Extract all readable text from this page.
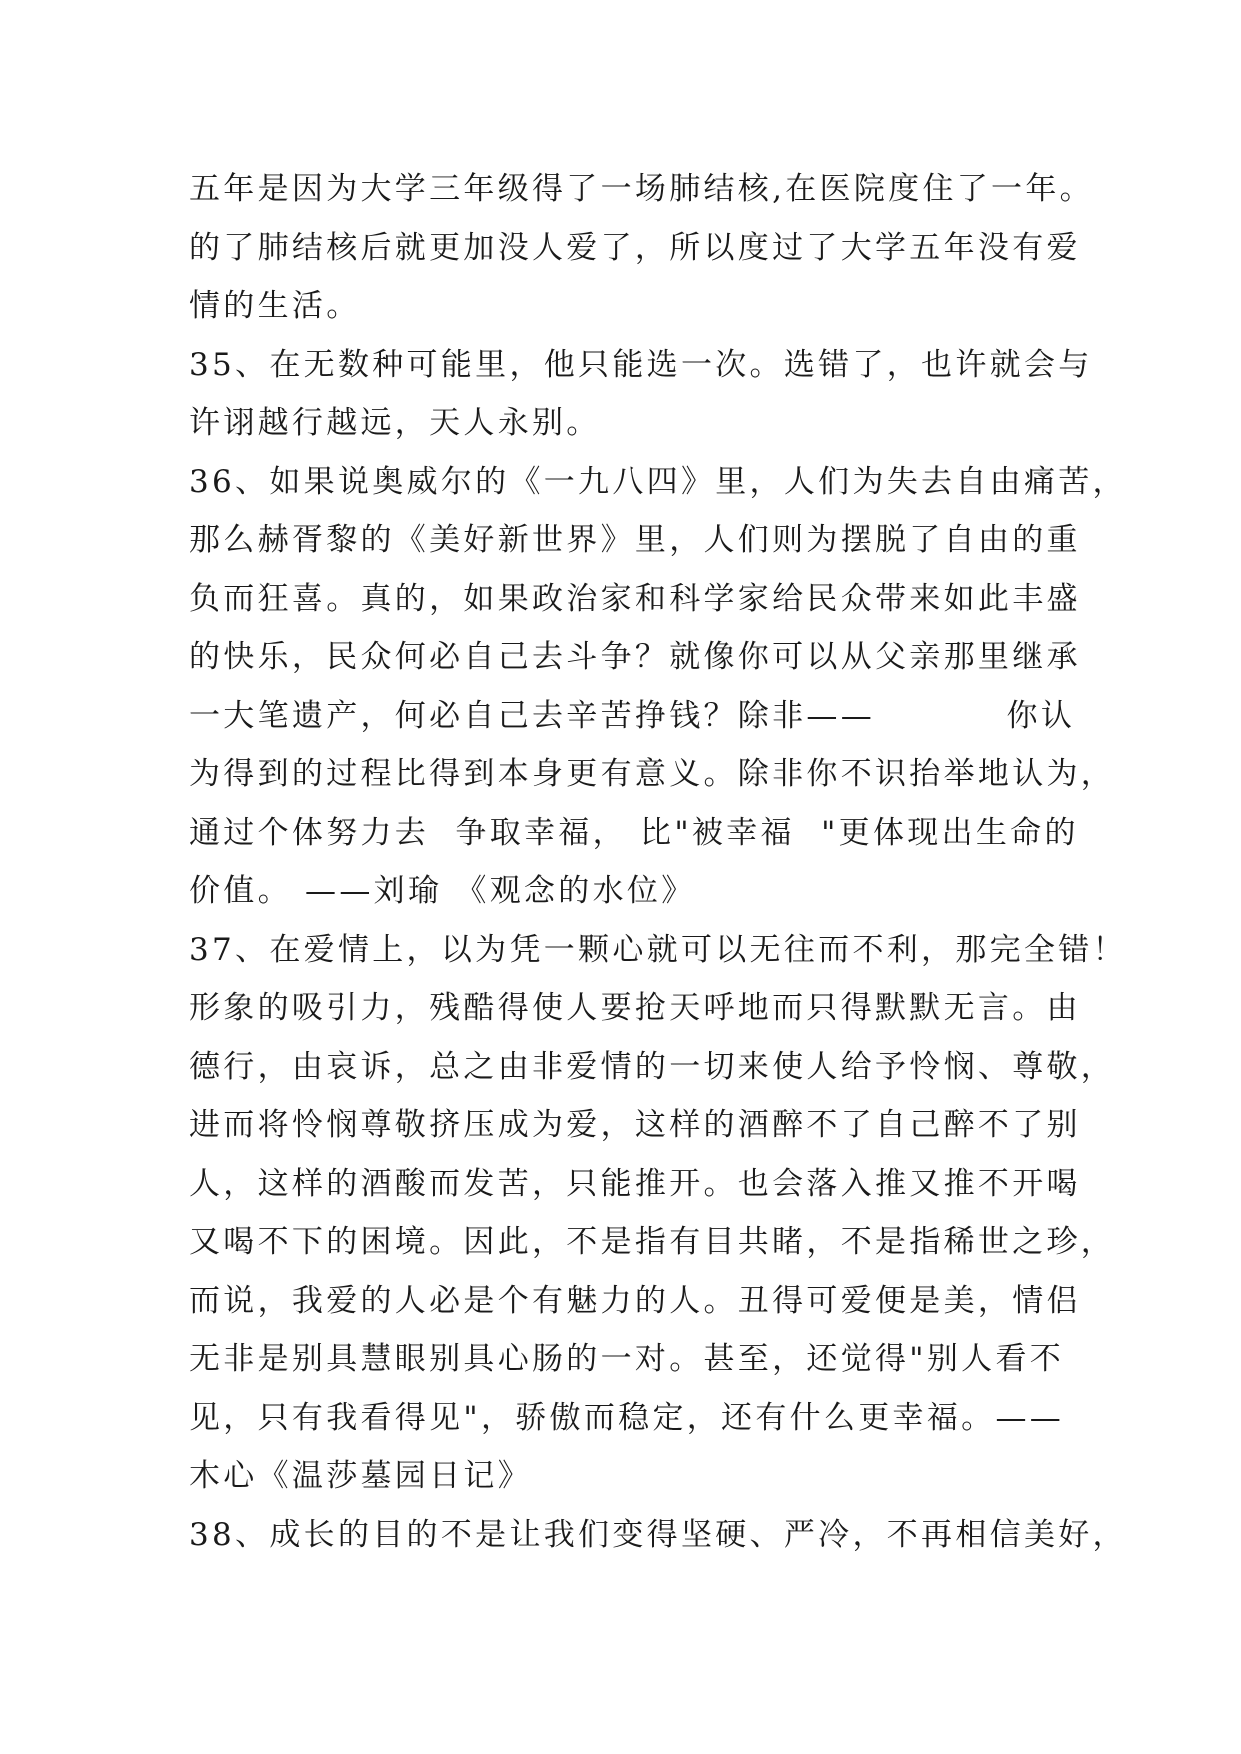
五年是因为大学三年级得了一场肺结核,在医院度住了一年。
的了肺结核后就更加没人爱了，所以度过了大学五年没有爱
情的生活。
35、在无数种可能里，他只能选一次。选错了，也许就会与
许诩越行越远，天人永别。
36、如果说奥威尔的《一九八四》里，人们为失去自由痛苦，
那么赫胥黎的《美好新世界》里，人们则为摆脱了自由的重
负而狂喜。真的，如果政治家和科学家给民众带来如此丰盛
的快乐，民众何必自己去斗争？就像你可以从父亲那里继承
一大笔遗产，何必自己去辛苦挣钱？除非——          你认
为得到的过程比得到本身更有意义。除非你不识抬举地认为，
通过个体努力去  争取幸福， 比"被幸福  "更体现出生命的
价值。 ——刘瑜 《观念的水位》
37、在爱情上，以为凭一颗心就可以无往而不利，那完全错！
形象的吸引力，残酷得使人要抢天呼地而只得默默无言。由
德行，由哀诉，总之由非爱情的一切来使人给予怜悯、尊敬，
进而将怜悯尊敬挤压成为爱，这样的酒醉不了自己醉不了别
人，这样的酒酸而发苦，只能推开。也会落入推又推不开喝
又喝不下的困境。因此，不是指有目共睹，不是指稀世之珍，
而说，我爱的人必是个有魅力的人。丑得可爱便是美，情侣
无非是别具慧眼别具心肠的一对。甚至，还觉得"别人看不
见，只有我看得见"，骄傲而稳定，还有什么更幸福。——
木心《温莎墓园日记》
38、成长的目的不是让我们变得坚硬、严冷，不再相信美好，
